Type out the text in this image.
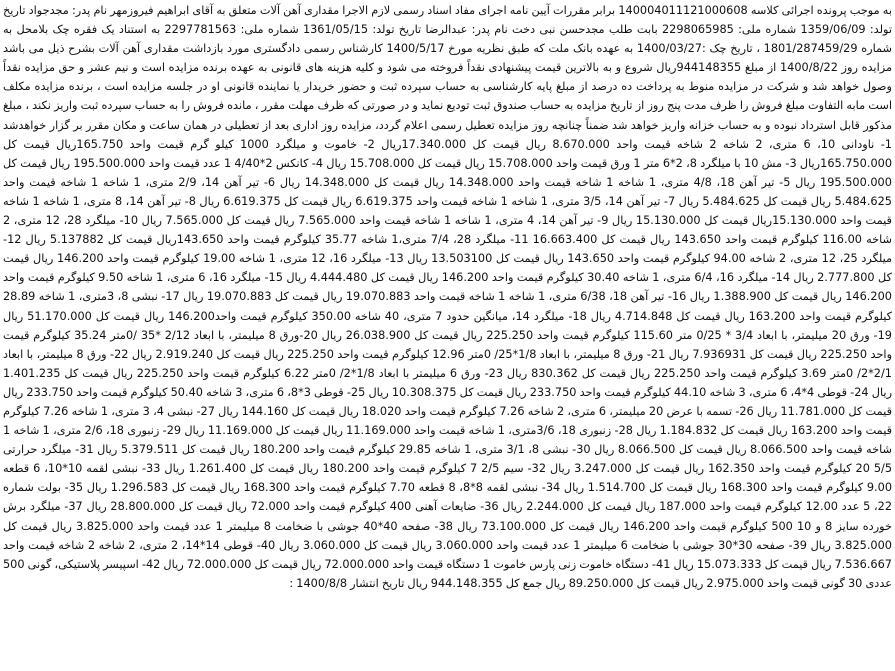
به موجب پرونده اجرائی کلاسه 140004011121000608 برابر مقررات آیین نامه اجرای مفاد اسناد رسمی لازم الاجرا مقداری آهن آلات متعلق به آقای ابراهیم فیروزمهر نام پدر: مجدجواد تاریخ تولد: 1359/06/09 شماره ملی: 2298065985 بابت طلب مجدحسن نبی دخت نام پدر: عبدالرضا تاریخ تولد: 1361/05/15 شماره ملی: 2297781563 به استناد یک فقره چک بلامحل به شماره 1801/287459/29 ، تاریخ چک :1400/03/27 به عهده بانک ملت که طبق نظریه مورخ 1400/5/17 کارشناس رسمی دادگستری مورد بازداشت مقداری آهن آلات بشرح ذیل می باشد مزایده روز 1400/8/22 از مبلغ 944148355ریال شروع و به بالاترین قیمت پیشنهادی نقداً فروخته می شود و کلیه هزینه های قانونی به عهده برنده مزایده است و نیم عشر و حق مزایده نقداً وصول خواهد شد و شرکت در مزایده منوط به پرداخت ده درصد از مبلغ پایه کارشناسی به حساب سپرده ثبت و حضور خریدار یا نماینده قانونی او در جلسه مزایده است ، برنده مزایده مکلف است مابه التفاوت مبلغ فروش را ظرف مدت پنج روز از تاریخ مزایده به حساب صندوق ثبت تودیع نماید و در صورتی که ظرف مهلت مقرر ، مانده فروش را به حساب سپرده ثبت واریز نکند ، مبلغ مذکور قابل استرداد نبوده و به حساب خزانه واریز خواهد شد ضمناً چنانچه روز مزایده تعطیل رسمی اعلام گردد، مزایده روز اداری بعد از تعطیلی در همان ساعت و مکان مقرر بر گزار خواهدشد 1- ناودانی 10، 6 متری، 2 شاخه 2 شاخه قیمت واحد 8.670.000 ریال قیمت کل 17.340.000ریال 2- خاموت و میلگرد 1000 کیلو گرم قیمت واحد 165.750ریال قیمت کل 165.750.000ریال 3- مش 10 با میلگرد 8، 2*6 متر 1 ورق قیمت واحد 15.708.000 ریال قیمت کل 15.708.000 ریال 4- کانکس 2*4/40 1 عدد قیمت واحد 195.500.000 ریال قیمت کل 195.500.000 ریال 5- تیر آهن 18، 4/8 متری، 1 شاخه 1 شاخه قیمت واحد 14.348.000 ریال قیمت کل 14.348.000 ریال 6- تیر آهن 14، 2/9 متری، 1 شاخه 1 شاخه قیمت واحد 5.484.625 ریال قیمت کل 5.484.625 ریال 7- تیر آهن 14، 3/5 متری، 1 شاخه 1 شاخه قیمت واحد 6.619.375 ریال قیمت کل 6.619.375 ریال 8- تیر آهن 14، 8 متری، 1 شاخه 1 شاخه قیمت واحد 15.130.000ریال قیمت کل 15.130.000 ریال 9- تیر آهن 14، 4 متری، 1 شاخه 1 شاخه قیمت واحد 7.565.000 ریال قیمت کل 7.565.000 ریال 10- میلگرد 28، 12 متری، 2 شاخه 116.00 کیلوگرم قیمت واحد 143.650 ریال قیمت کل 16.663.400 11- میلگرد 28، 7/4 متری،1 شاخه 35.77 کیلوگرم قیمت واحد 143.650ریال قیمت کل 5.137882 ریال 12- میلگرد 25، 12 متری، 2 شاخه 94.00 کیلوگرم قیمت واحد 143.650 ریال قیمت کل 13.503100 ریال 13- میلگرد 16، 12 متری، 1 شاخه 19.00 کیلوگرم قیمت واحد 146.200 ریال قیمت کل 2.777.800 ریال 14- میلگرد 16، 6/4 متری، 1 شاخه 30.40 کیلوگرم قیمت واحد 146.200 ریال قیمت کل 4.444.480 ریال 15- میلگرد 16، 6 متری، 1 شاخه 9.50 کیلوگرم قیمت واحد 146.200 ریال قیمت کل 1.388.900 ریال 16- تیر آهن 18، 6/38 متری، 1 شاخه 1 شاخه قیمت واحد 19.070.883 ریال قیمت کل 19.070.883 ریال 17- نبشی 8، 3متری، 1 شاخه 28.89 کیلوگرم قیمت واحد 163.200 ریال قیمت کل 4.714.848 ریال 18- میلگرد 14، میانگین حدود 7 متری، 40 شاخه 350.00 کیلوگرم قیمت واحد146.200 ریال قیمت کل 51.170.000 ریال 19- ورق 20 میلیمتر، با ابعاد 3/4 * 0/25 متر 115.60 کیلوگرم قیمت واحد 225.250 ریال قیمت کل 26.038.900 ریال 20-ورق 8 میلیمتر، با ابعاد 2/12 *35 /0متر 35.24 کیلوگرم قیمت واحد 225.250 ریال قیمت کل 7.936931 ریال 21- ورق 8 میلیمتر، با ابعاد 1/8*25/ 0متر 12.96 کیلوگرم قیمت واحد 225.250 ریال قیمت کل 2.919.240 ریال 22- ورق 8 میلیمتر، با ابعاد 2/1*2/ 0متر 3.69 کیلوگرم قیمت واحد 225.250 ریال قیمت کل 830.362 ریال 23- ورق 6 میلیمتر با ابعاد 1/8*2/ 0متر 6.22 کیلوگرم قیمت واحد 225.250 ریال قیمت کل 1.401.235 ریال 24- قوطی 4*4، 6 متری، 3 شاخه 44.10 کیلوگرم قیمت واحد 233.750 ریال قیمت کل 10.308.375 ریال 25- قوطی 3*8، 6 متری، 3 شاخه 50.40 کیلوگرم قیمت واحد 233.750 ریال قیمت کل 11.781.000 ریال 26- تسمه با عرض 20 میلیمتر، 6 متری، 2 شاخه 7.26 کیلوگرم قیمت واحد 18.020 ریال قیمت کل 144.160 ریال 27- نبشی 4، 3 متری، 1 شاخه 7.26 کیلوگرم قیمت واحد 163.200 ریال قیمت کل 1.184.832 ریال 28- زنبوری 18، 3/6متری، 1 شاخه قیمت واحد 11.169.000 ریال قیمت کل 11.169.000 ریال 29- زنبوری 18، 2/6 متری، 1 شاخه 1 شاخه قیمت واحد 8.066.500 ریال قیمت کل 8.066.500 ریال 30- نبشی 8، 3/1 متری، 1 شاخه 29.85 کیلوگرم قیمت واحد 180.200 ریال قیمت کل 5.379.511 ریال 31- میلگرد حرارتی 5/5 20 کیلوگرم قیمت واحد 162.350 ریال قیمت کل 3.247.000 ریال 32- سیم 2/5 7 کیلوگرم قیمت واحد 180.200 ریال قیمت کل 1.261.400 ریال 33- نبشی لقمه 10*10، 6 قطعه 9.00 کیلوگرم قیمت واحد 168.300 ریال قیمت کل 1.514.700 ریال 34- نبشی لقمه 8*8، 8 قطعه 7.70 کیلوگرم قیمت واحد 168.300 ریال قیمت کل 1.296.583 ریال 35- بولت شماره 22، 5 عدد 12.00 کیلوگرم قیمت واحد 187.000 ریال قیمت کل 2.244.000 ریال 36- ضایعات آهنی 400 کیلوگرم قیمت واحد 72.000 ریال قیمت کل 28.800.000 ریال 37- میلگرد برش خورده سایز 8 و 10 500 کیلوگرم قیمت واحد 146.200 ریال قیمت کل 73.100.000 ریال 38- صفحه 40*40 جوشی با ضخامت 8 میلیمتر 1 عدد قیمت واحد 3.825.000 ریال قیمت کل 3.825.000 ریال 39- صفحه 30*30 جوشی با ضخامت 6 میلیمتر 1 عدد قیمت واحد 3.060.000 ریال قیمت کل 3.060.000 ریال 40- قوطی 14*14، 2 متری، 2 شاخه 2 شاخه قیمت واحد 7.536.667 ریال قیمت کل 15.073.333 ریال 41- دستگاه خاموت زنی پارس خاموت 1 دستگاه قیمت واحد 72.000.000 ریال قیمت کل 72.000.000 ریال 42- اسپیسر پلاستیکی، گونی 500 عددی 30 گونی قیمت واحد 2.975.000 ریال قیمت کل 89.250.000 ریال جمع کل 944.148.355 ریال تاریخ انتشار 1400/8/8 :
